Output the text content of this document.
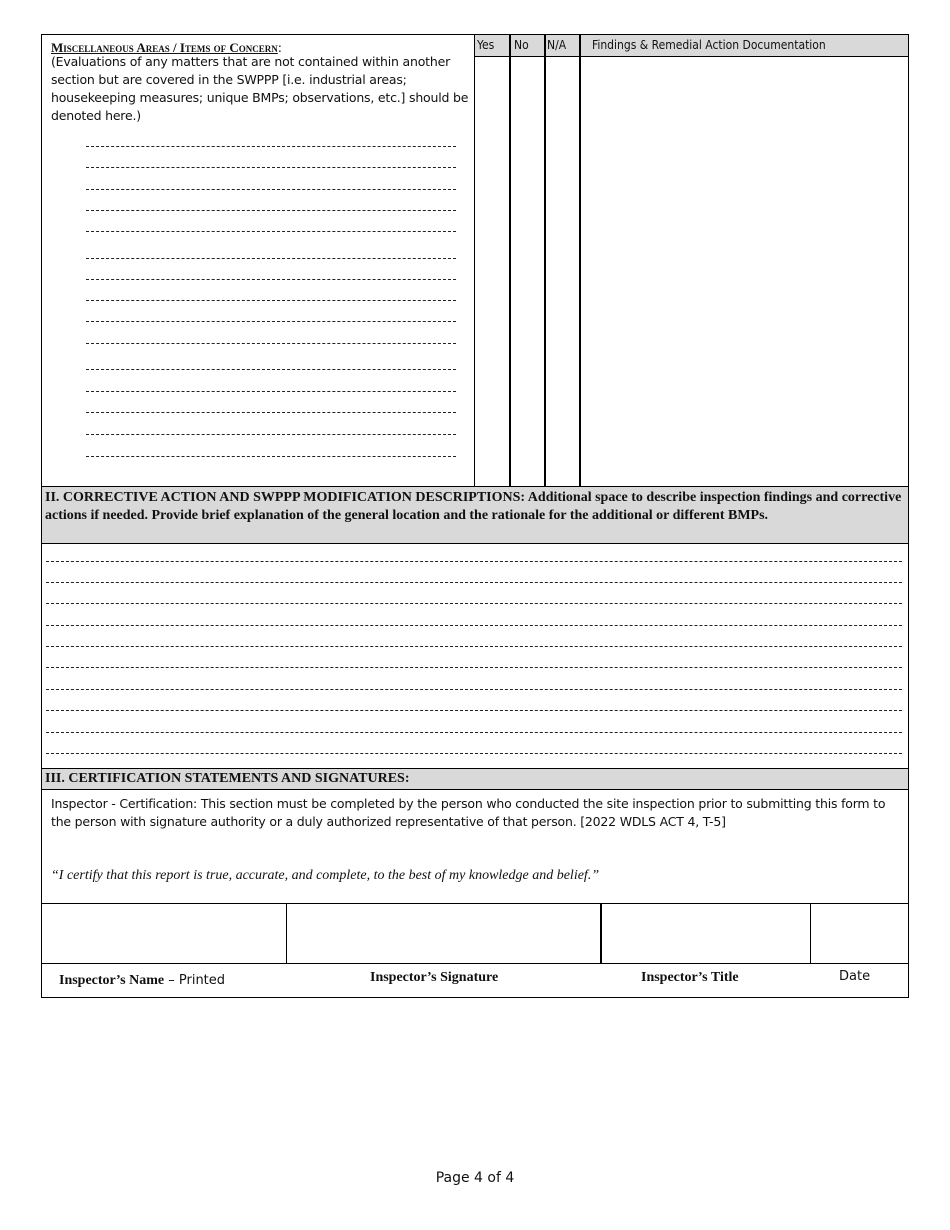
Yes No N/A Findings & Remedial Action Documentation
Miscellaneous Areas / Items of Concern:
(Evaluations of any matters that are not contained within another section but are covered in the SWPPP [i.e. industrial areas; housekeeping measures; unique BMPs; observations, etc.] should be denoted here.)
II. CORRECTIVE ACTION AND SWPPP MODIFICATION DESCRIPTIONS: Additional space to describe inspection findings and corrective actions if needed. Provide brief explanation of the general location and the rationale for the additional or different BMPs.
III. CERTIFICATION STATEMENTS AND SIGNATURES:
Inspector - Certification: This section must be completed by the person who conducted the site inspection prior to submitting this form to the person with signature authority or a duly authorized representative of that person. [2022 WDLS ACT 4, T-5]
“I certify that this report is true, accurate, and complete, to the best of my knowledge and belief.”
Inspector’s Name – Printed	Inspector’s Signature	Inspector’s Title	Date
Page 4 of 4
